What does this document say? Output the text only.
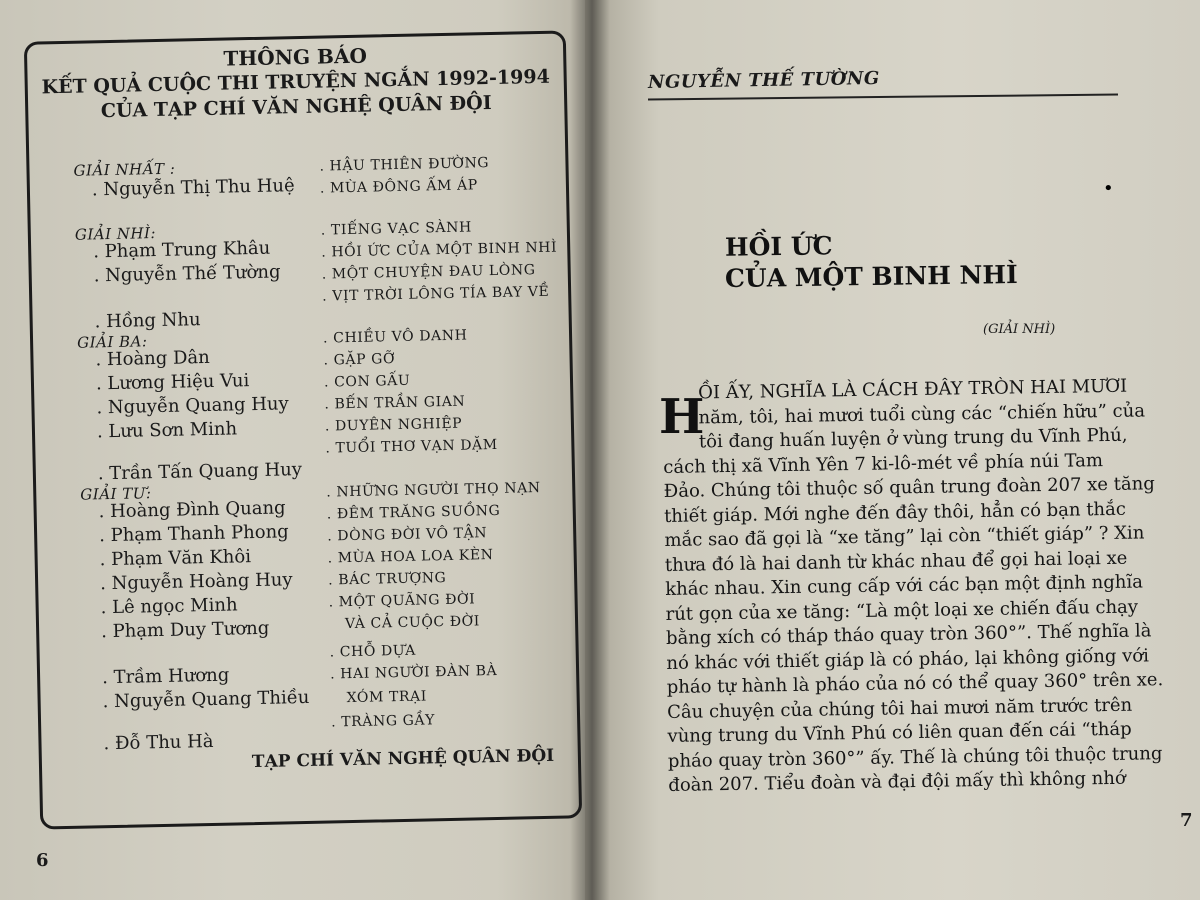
THÔNG BÁO
KẾT QUẢ CUỘC THI TRUYỆN NGẮN 1992-1994
CỦA TẠP CHÍ VĂN NGHỆ QUÂN ĐỘI
GIẢI NHẤT :
. Nguyễn Thị Thu Huệ
. HẬU THIÊN ĐƯỜNG
. MÙA ĐÔNG ẤM ÁP
GIẢI NHÌ:
. Phạm Trung Khâu
. Nguyễn Thế Tường
. Hồng Nhu
. TIẾNG VẠC SÀNH
. HỒI ỨC CỦA MỘT BINH NHÌ
. MỘT CHUYỆN ĐAU LÒNG
. VỊT TRỜI LÔNG TÍA BAY VỀ
GIẢI BA:
. Hoàng Dân
. Lương Hiệu Vui
. Nguyễn Quang Huy
. Lưu Sơn Minh
. Trần Tấn Quang Huy
. CHIỀU VÔ DANH
. GẶP GỠ
. CON GẤU
. BẾN TRẦN GIAN
. DUYÊN NGHIỆP
. TUỔI THƠ VẠN DẶM
GIẢI TƯ:
. Hoàng Đình Quang
. Phạm Thanh Phong
. Phạm Văn Khôi
. Nguyễn Hoàng Huy
. Lê ngọc Minh
. Phạm Duy Tương
. Trầm Hương
. Nguyễn Quang Thiều
. Đỗ Thu Hà
. NHỮNG NGƯỜI THỌ NẠN
. ĐÊM TRĂNG SUỒNG
. DÒNG ĐỜI VÔ TẬN
. MÙA HOA LOA KÈN
. BÁC TRƯỢNG
. MỘT QUÃNG ĐỜI
VÀ CẢ CUỘC ĐỜI
. CHỖ DỰA
. HAI NGƯỜI ĐÀN BÀ
XÓM TRẠI
. TRÀNG GẦY
TẠP CHÍ VĂN NGHỆ QUÂN ĐỘI
6
NGUYỄN THẾ TƯỜNG
•
HỒI ỨC
CỦA MỘT BINH NHÌ
(GIẢI NHÌ)
H
ỒI ẤY, NGHĨA LÀ CÁCH ĐÂY TRÒN HAI MƯƠI
năm, tôi, hai mươi tuổi cùng các “chiến hữu” của
tôi đang huấn luyện ở vùng trung du Vĩnh Phú,
cách thị xã Vĩnh Yên 7 ki-lô-mét về phía núi Tam
Đảo. Chúng tôi thuộc số quân trung đoàn 207 xe tăng
thiết giáp. Mới nghe đến đây thôi, hẳn có bạn thắc
mắc sao đã gọi là “xe tăng” lại còn “thiết giáp” ? Xin
thưa đó là hai danh từ khác nhau để gọi hai loại xe
khác nhau. Xin cung cấp với các bạn một định nghĩa
rút gọn của xe tăng: “Là một loại xe chiến đấu chạy
bằng xích có tháp tháo quay tròn 360°”. Thế nghĩa là
nó khác với thiết giáp là có pháo, lại không giống với
pháo tự hành là pháo của nó có thể quay 360° trên xe.
Câu chuyện của chúng tôi hai mươi năm trước trên
vùng trung du Vĩnh Phú có liên quan đến cái “tháp
pháo quay tròn 360°” ấy. Thế là chúng tôi thuộc trung
đoàn 207. Tiểu đoàn và đại đội mấy thì không nhớ
7
